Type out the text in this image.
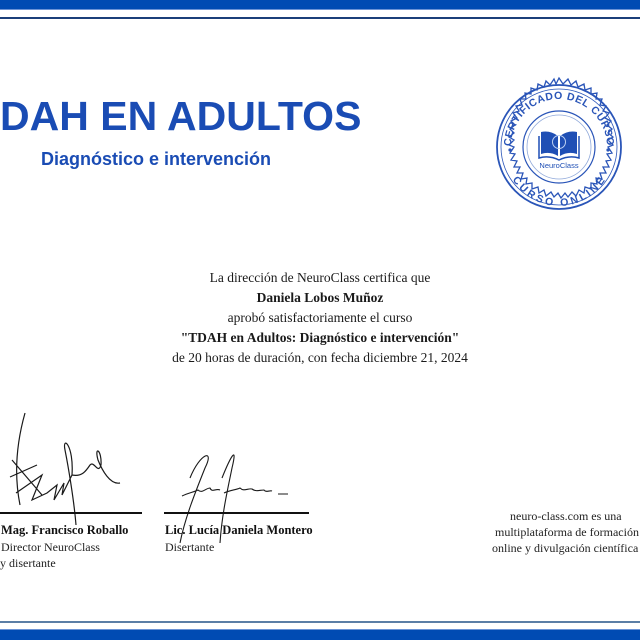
DAH EN ADULTOS
Diagnóstico e intervención
CERTIFICADO DEL CURSO
CURSO ONLINE
NeuroClass
La dirección de NeuroClass certifica que
Daniela Lobos Muñoz
aprobó satisfactoriamente el curso
"TDAH en Adultos: Diagnóstico e intervención"
de 20 horas de duración, con fecha diciembre 21, 2024
Mag. Francisco Roballo
Director NeuroClass
y disertante
Lic. Lucía Daniela Montero
Disertante
neuro-class.com es una
multiplataforma de formación
online y divulgación científica
